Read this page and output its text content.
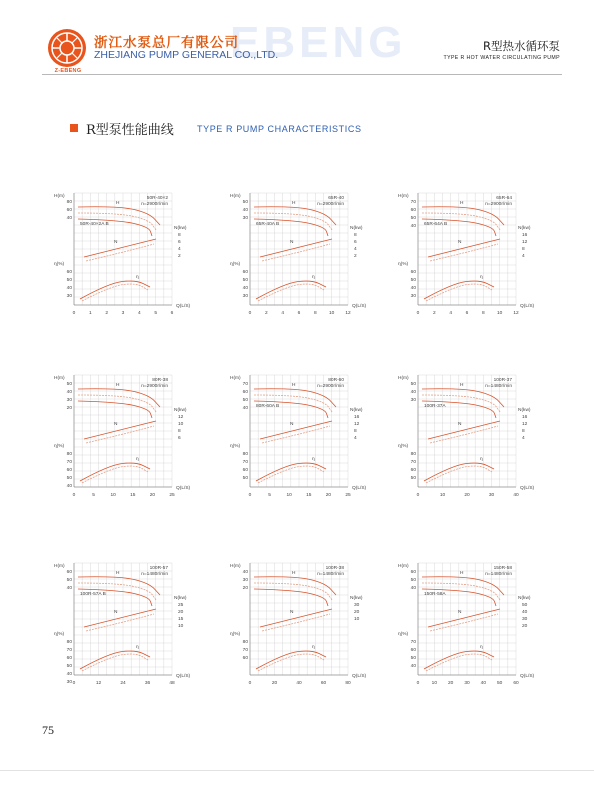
Z-EBENG
EBENG
浙江水泵总厂有限公司
ZHEJIANG PUMP GENERAL CO.,LTD.
R型热水循环泵
TYPE R HOT WATER CIRCULATING PUMP
R型泵性能曲线	TYPE R PUMP CHARACTERISTICS
H(m)
η(%)
N(kw)
Q(L/S)
80
60
40
60
50
40
30
8
6
4
2
0	1	2	3	4	5	6
50R-40×2
n=2900r/min
50R-40×2A B
H
N
η
H(m)
η(%)
N(kw)
Q(L/S)
50
40
30
60
50
40
30
8
6
4
2
0	2	4	6	8	10 12
65R-40
n=2900r/min
65R-40A B
H
N
η
H(m)
η(%)
N(kw)
Q(L/S)
70
60
50
40
60
50
40
30
16
12
8
4
0	2	4	6	8	10 12
65R-64
n=2900r/min
65R-64A B
H
N
η
H(m)
η(%)
N(kw)
Q(L/S)
50
40
30
20
80
70
60
50
40
12
10
8
6
0	5	10	15	20	25
80R-38
n=2900r/min
H
N
η
H(m)
η(%)
N(kw)
Q(L/S)
70
60
50
40
80
70
60
50
16
12
8
4
0	5	10	15	20	25
80R-60
n=2900r/min
80R-60A B
H
N
η
H(m)
η(%)
N(kw)
Q(L/S)
50
40
30
80
70
60
50
16
12
8
4
0	10	20	30	40
100R-37
n=1480r/min
100R-37A
H
N
η
H(m)
η(%)
N(kw)
Q(L/S)
60
50
40
80
70
60
50
40
30
25
20
15
10
0	12	24	36	48
100R-57
n=1480r/min
100R-57A B
H
N
η
H(m)
η(%)
N(kw)
Q(L/S)
40
30
20
80
70
60
30
20
10
0	20	40	60	80
100R-38
n=1480r/min
H
N
η
H(m)
η(%)
N(kw)
Q(L/S)
60
50
40
70
60
50
40
50
40
30
20
0	10 20 30 40 50 60
150R-58
n=1480r/min
150R-58A
H
N
η
75
